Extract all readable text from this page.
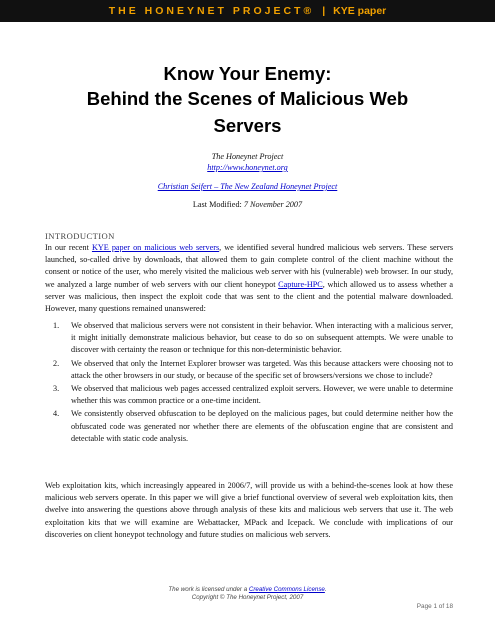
THE HONEYNET PROJECT® | KYE paper
Know Your Enemy:
Behind the Scenes of Malicious Web
Servers
The Honeynet Project
http://www.honeynet.org
Christian Seifert – The New Zealand Honeynet Project
Last Modified: 7 November 2007
INTRODUCTION
In our recent KYE paper on malicious web servers, we identified several hundred malicious web servers. These servers launched, so-called drive by downloads, that allowed them to gain complete control of the client machine without the consent or notice of the user, who merely visited the malicious web server with his (vulnerable) web browser. In our study, we analyzed a large number of web servers with our client honeypot Capture-HPC, which allowed us to assess whether a server was malicious, then inspect the exploit code that was sent to the client and the potential malware downloaded. However, many questions remained unanswered:
1.	We observed that malicious servers were not consistent in their behavior. When interacting with a malicious server, it might initially demonstrate malicious behavior, but cease to do so on subsequent attempts. We were unable to discover with certainty the reason or technique for this non-deterministic behavior.
2.	We observed that only the Internet Explorer browser was targeted. Was this because attackers were choosing not to attack the other browsers in our study, or because of the specific set of browsers/versions we chose to include?
3.	We observed that malicious web pages accessed centralized exploit servers. However, we were unable to determine whether this was common practice or a one-time incident.
4.	We consistently observed obfuscation to be deployed on the malicious pages, but could determine neither how the obfuscated code was generated nor whether there are elements of the obfuscation engine that are consistent and detectable with static code analysis.
Web exploitation kits, which increasingly appeared in 2006/7, will provide us with a behind-the-scenes look at how these malicious web servers operate. In this paper we will give a brief functional overview of several web exploitation kits, then dwelve into answering the questions above through analysis of these kits and malicious web servers that use it. The web exploitation kits that we will examine are Webattacker, MPack and Icepack. We conclude with implications of our discoveries on client honeypot technology and future studies on malicious web servers.
The work is licensed under a Creative Commons License.
Copyright © The Honeynet Project, 2007
Page 1 of 18
